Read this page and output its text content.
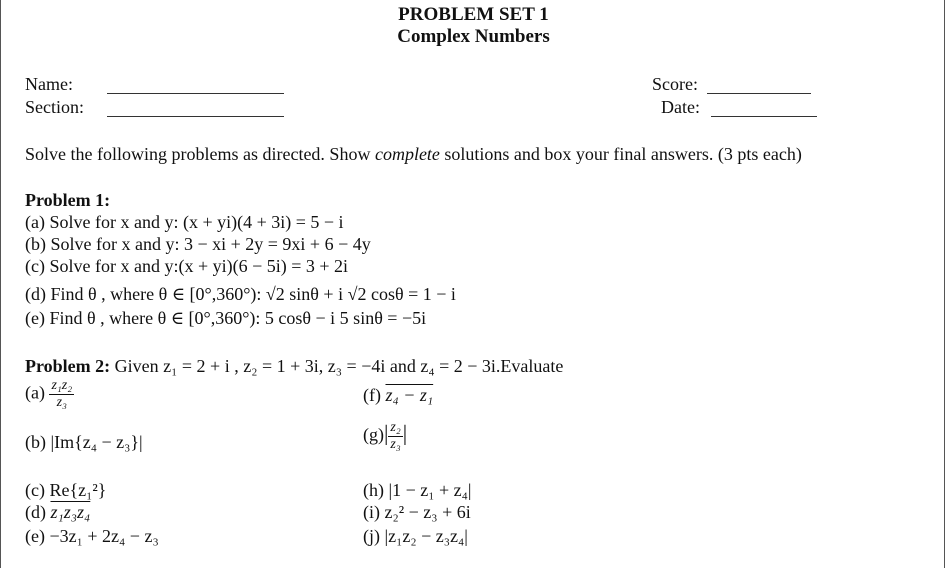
PROBLEM SET 1
Complex Numbers
Name:
Section:
Score:
Date:
Solve the following problems as directed. Show complete solutions and box your final answers. (3 pts each)
Problem 1:
(a) Solve for x and y: (x + yi)(4 + 3i) = 5 − i
(b) Solve for x and y: 3 − xi + 2y = 9xi + 6 − 4y
(c) Solve for x and y:(x + yi)(6 − 5i) = 3 + 2i
(d) Find θ , where θ ∈ [0°,360°): √2 sinθ + i √2 cosθ = 1 − i
(e) Find θ , where θ ∈ [0°,360°): 5 cosθ − i 5 sinθ = −5i
Problem 2: Given z₁ = 2 + i , z₂ = 1 + 3i, z₃ = −4i and z₄ = 2 − 3i.Evaluate
$(a) \frac{\text{z₁z₂}}{\text{z₃}}$	(f) z₄ − z₁
(b) |Im{z₄ − z₃}|	$(g)| \frac{\text{z₂}}{\text{z₃}}$ |
(c) Re{z₁²}	(h) |1 − z₁ + z₄|
(d) z₁z₃z₄	(i) z₂² − z₃ + 6i
(e) −3z₁ + 2z₄ − z₃	(j) |z₁z₂ − z₃z₄|
